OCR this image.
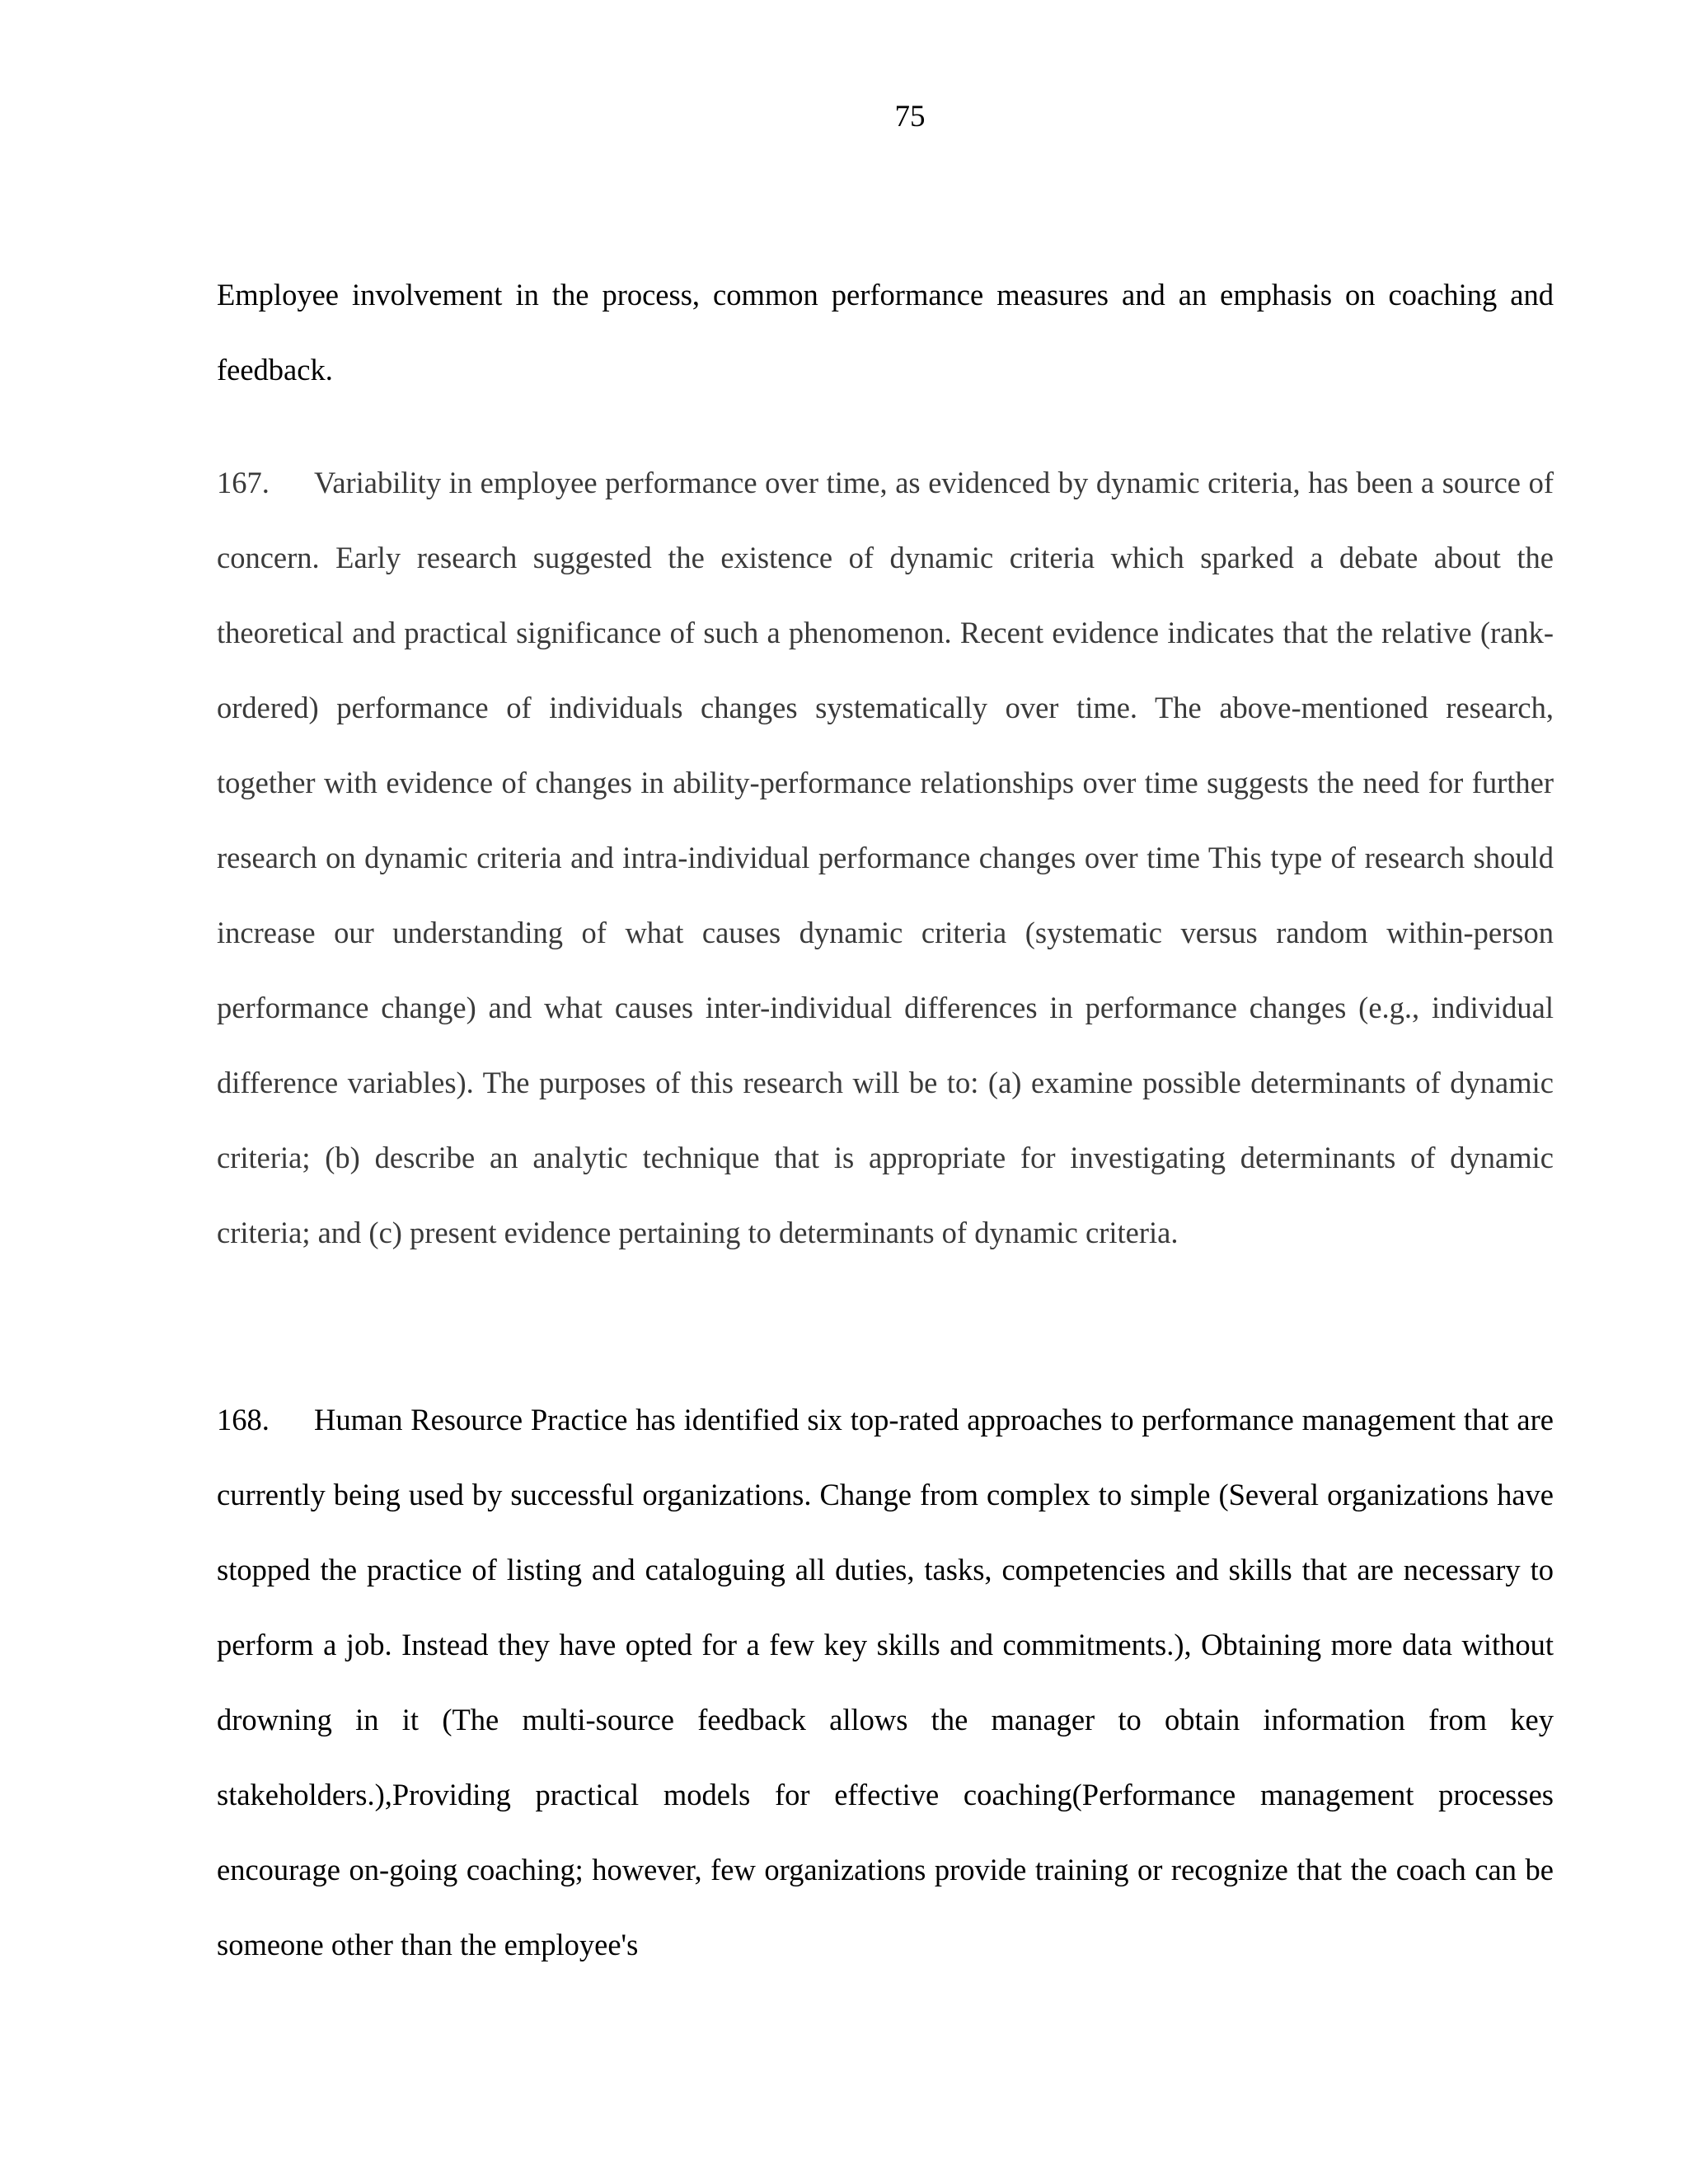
75
Employee involvement in the process, common performance measures and an emphasis on coaching and feedback.
167. Variability in employee performance over time, as evidenced by dynamic criteria, has been a source of concern. Early research suggested the existence of dynamic criteria which sparked a debate about the theoretical and practical significance of such a phenomenon. Recent evidence indicates that the relative (rank-ordered) performance of individuals changes systematically over time. The above-mentioned research, together with evidence of changes in ability-performance relationships over time suggests the need for further research on dynamic criteria and intra-individual performance changes over time This type of research should increase our understanding of what causes dynamic criteria (systematic versus random within-person performance change) and what causes inter-individual differences in performance changes (e.g., individual difference variables). The purposes of this research will be to: (a) examine possible determinants of dynamic criteria; (b) describe an analytic technique that is appropriate for investigating determinants of dynamic criteria; and (c) present evidence pertaining to determinants of dynamic criteria.
168. Human Resource Practice has identified six top-rated approaches to performance management that are currently being used by successful organizations. Change from complex to simple (Several organizations have stopped the practice of listing and cataloguing all duties, tasks, competencies and skills that are necessary to perform a job. Instead they have opted for a few key skills and commitments.), Obtaining more data without drowning in it (The multi-source feedback allows the manager to obtain information from key stakeholders.),Providing practical models for effective coaching(Performance management processes encourage on-going coaching; however, few organizations provide training or recognize that the coach can be someone other than the employee's
